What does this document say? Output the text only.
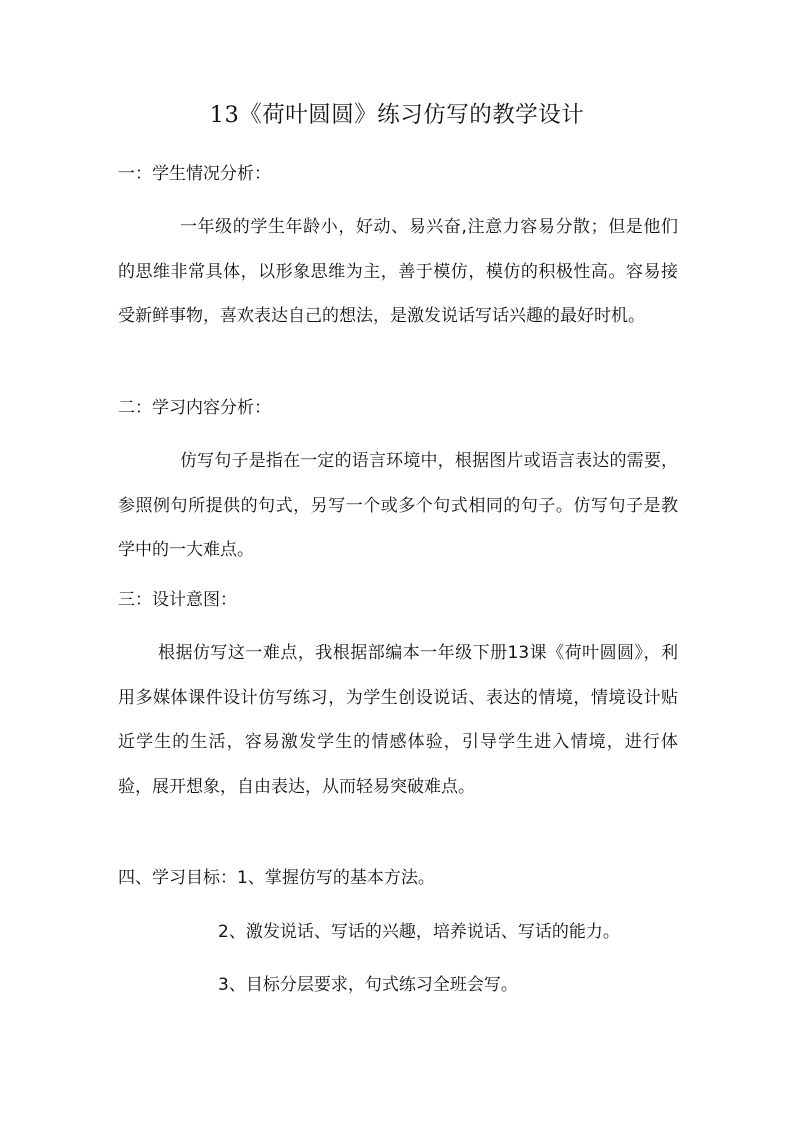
13《荷叶圆圆》练习仿写的教学设计
一：学生情况分析：

一年级的学生年龄小，好动、易兴奋,注意力容易分散；但是他们的思维非常具体，以形象思维为主，善于模仿，模仿的积极性高。容易接受新鲜事物，喜欢表达自己的想法，是激发说话写话兴趣的最好时机。

二：学习内容分析：

仿写句子是指在一定的语言环境中，根据图片或语言表达的需要，参照例句所提供的句式，另写一个或多个句式相同的句子。仿写句子是教学中的一大难点。

三：设计意图：

根据仿写这一难点，我根据部编本一年级下册13课《荷叶圆圆》，利用多媒体课件设计仿写练习，为学生创设说话、表达的情境，情境设计贴近学生的生活，容易激发学生的情感体验，引导学生进入情境，进行体验，展开想象，自由表达，从而轻易突破难点。

四、学习目标：1、掌握仿写的基本方法。
2、激发说话、写话的兴趣，培养说话、写话的能力。
3、目标分层要求，句式练习全班会写。
